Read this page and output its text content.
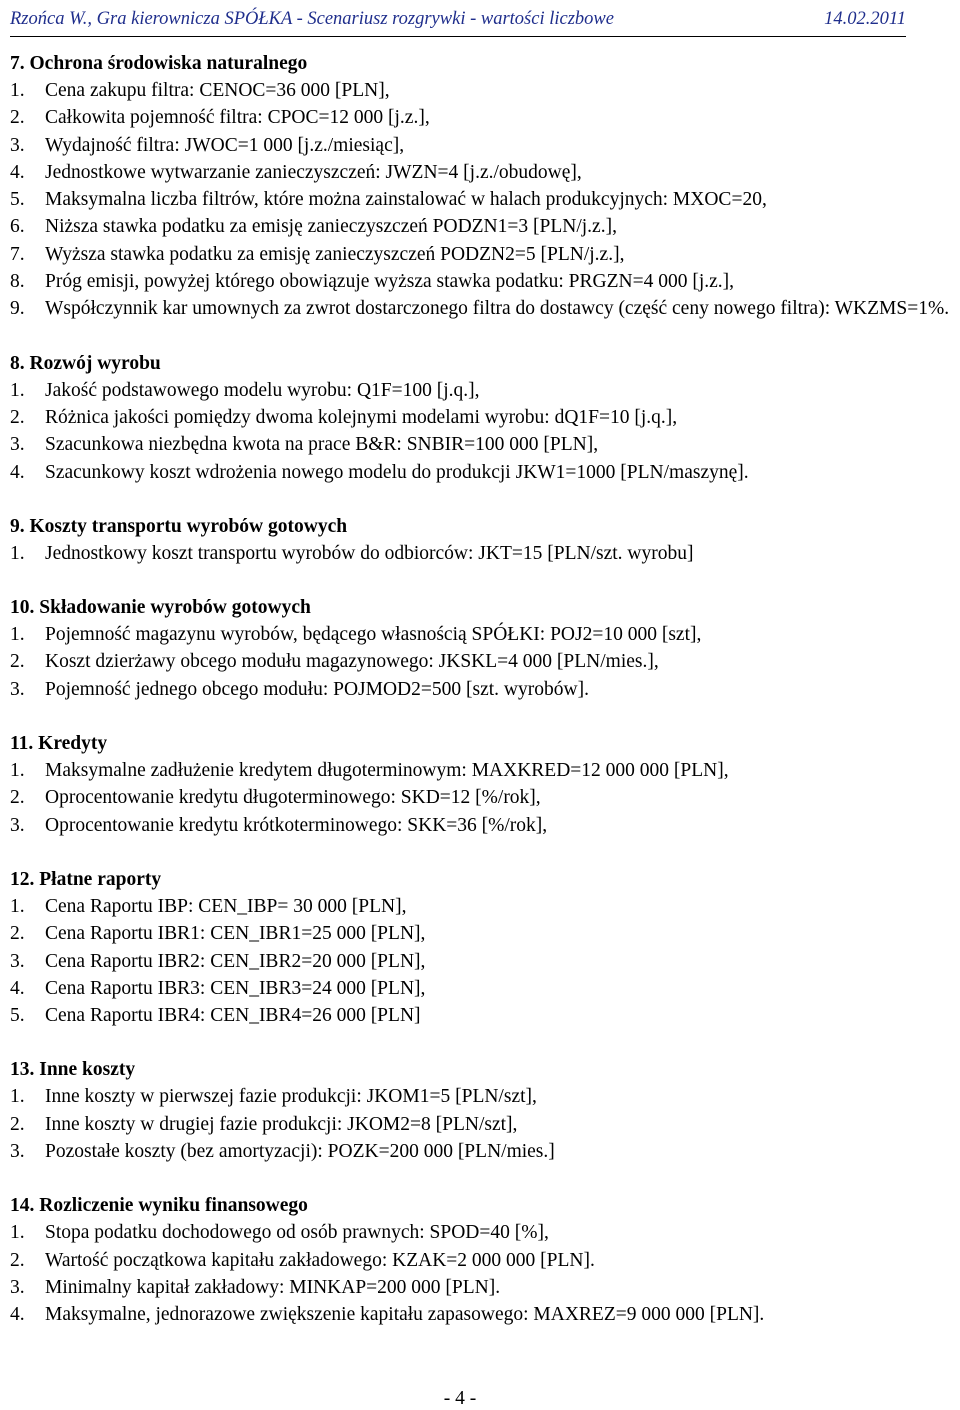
Rzońca W., Gra kierownicza SPÓŁKA - Scenariusz rozgrywki - wartości liczbowe	14.02.2011
7. Ochrona środowiska naturalnego
1.	Cena zakupu filtra: CENOC=36 000 [PLN],
2.	Całkowita pojemność filtra: CPOC=12 000 [j.z.],
3.	Wydajność filtra: JWOC=1 000 [j.z./miesiąc],
4.	Jednostkowe wytwarzanie zanieczyszczeń: JWZN=4 [j.z./obudowę],
5.	Maksymalna liczba filtrów, które można zainstalować w halach produkcyjnych: MXOC=20,
6.	Niższa stawka podatku za emisję zanieczyszczeń PODZN1=3 [PLN/j.z.],
7.	Wyższa stawka podatku za emisję zanieczyszczeń PODZN2=5 [PLN/j.z.],
8.	Próg emisji, powyżej którego obowiązuje wyższa stawka podatku: PRGZN=4 000 [j.z.],
9.	Współczynnik kar umownych za zwrot dostarczonego filtra do dostawcy (część ceny nowego filtra): WKZMS=1%.
8. Rozwój wyrobu
1.	Jakość podstawowego modelu wyrobu: Q1F=100 [j.q.],
2.	Różnica jakości pomiędzy dwoma kolejnymi modelami wyrobu: dQ1F=10 [j.q.],
3.	Szacunkowa niezbędna kwota na prace B&R: SNBIR=100 000 [PLN],
4.	Szacunkowy koszt wdrożenia nowego modelu do produkcji JKW1=1000 [PLN/maszynę].
9. Koszty transportu wyrobów gotowych
1.	Jednostkowy koszt transportu wyrobów do odbiorców: JKT=15 [PLN/szt. wyrobu]
10. Składowanie wyrobów gotowych
1.	Pojemność magazynu wyrobów, będącego własnością SPÓŁKI: POJ2=10 000 [szt],
2.	Koszt dzierżawy obcego modułu magazynowego: JKSKL=4 000 [PLN/mies.],
3.	Pojemność jednego obcego modułu: POJMOD2=500 [szt. wyrobów].
11. Kredyty
1.	Maksymalne zadłużenie kredytem długoterminowym: MAXKRED=12 000 000 [PLN],
2.	Oprocentowanie kredytu długoterminowego: SKD=12 [%/rok],
3.	Oprocentowanie kredytu krótkoterminowego: SKK=36 [%/rok],
12. Płatne raporty
1.	Cena Raportu IBP: CEN_IBP= 30 000 [PLN],
2.	Cena Raportu IBR1: CEN_IBR1=25 000 [PLN],
3.	Cena Raportu IBR2: CEN_IBR2=20 000 [PLN],
4.	Cena Raportu IBR3: CEN_IBR3=24 000 [PLN],
5.	Cena Raportu IBR4: CEN_IBR4=26 000 [PLN]
13. Inne koszty
1.	Inne koszty w pierwszej fazie produkcji: JKOM1=5 [PLN/szt],
2.	Inne koszty w drugiej fazie produkcji: JKOM2=8 [PLN/szt],
3.	Pozostałe koszty (bez amortyzacji): POZK=200 000 [PLN/mies.]
14. Rozliczenie wyniku finansowego
1.	Stopa podatku dochodowego od osób prawnych: SPOD=40 [%],
2.	Wartość początkowa kapitału zakładowego: KZAK=2 000 000 [PLN].
3.	Minimalny kapitał zakładowy: MINKAP=200 000 [PLN].
4.	Maksymalne, jednorazowe zwiększenie kapitału zapasowego: MAXREZ=9 000 000 [PLN].
- 4 -
